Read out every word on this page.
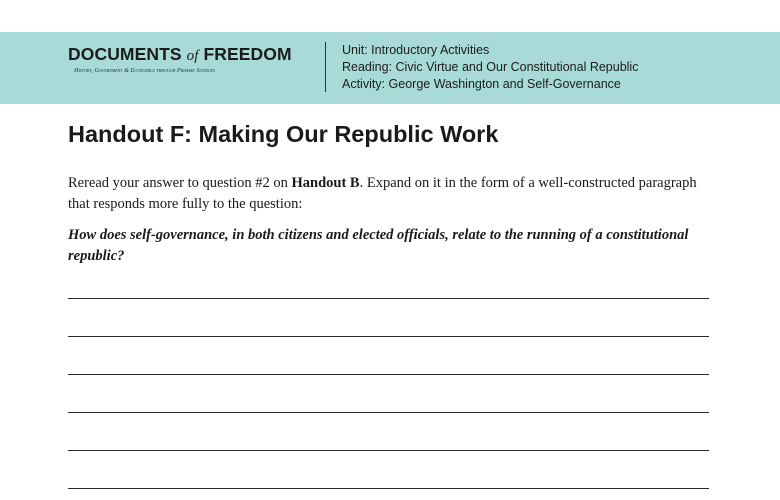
DOCUMENTS of FREEDOM
History, Government & Economics through Primary Sources
Unit: Introductory Activities
Reading: Civic Virtue and Our Constitutional Republic
Activity: George Washington and Self-Governance
Handout F: Making Our Republic Work

Reread your answer to question #2 on Handout B. Expand on it in the form of a well-constructed paragraph that responds more fully to the question:

How does self-governance, in both citizens and elected officials, relate to the running of a constitutional republic?
